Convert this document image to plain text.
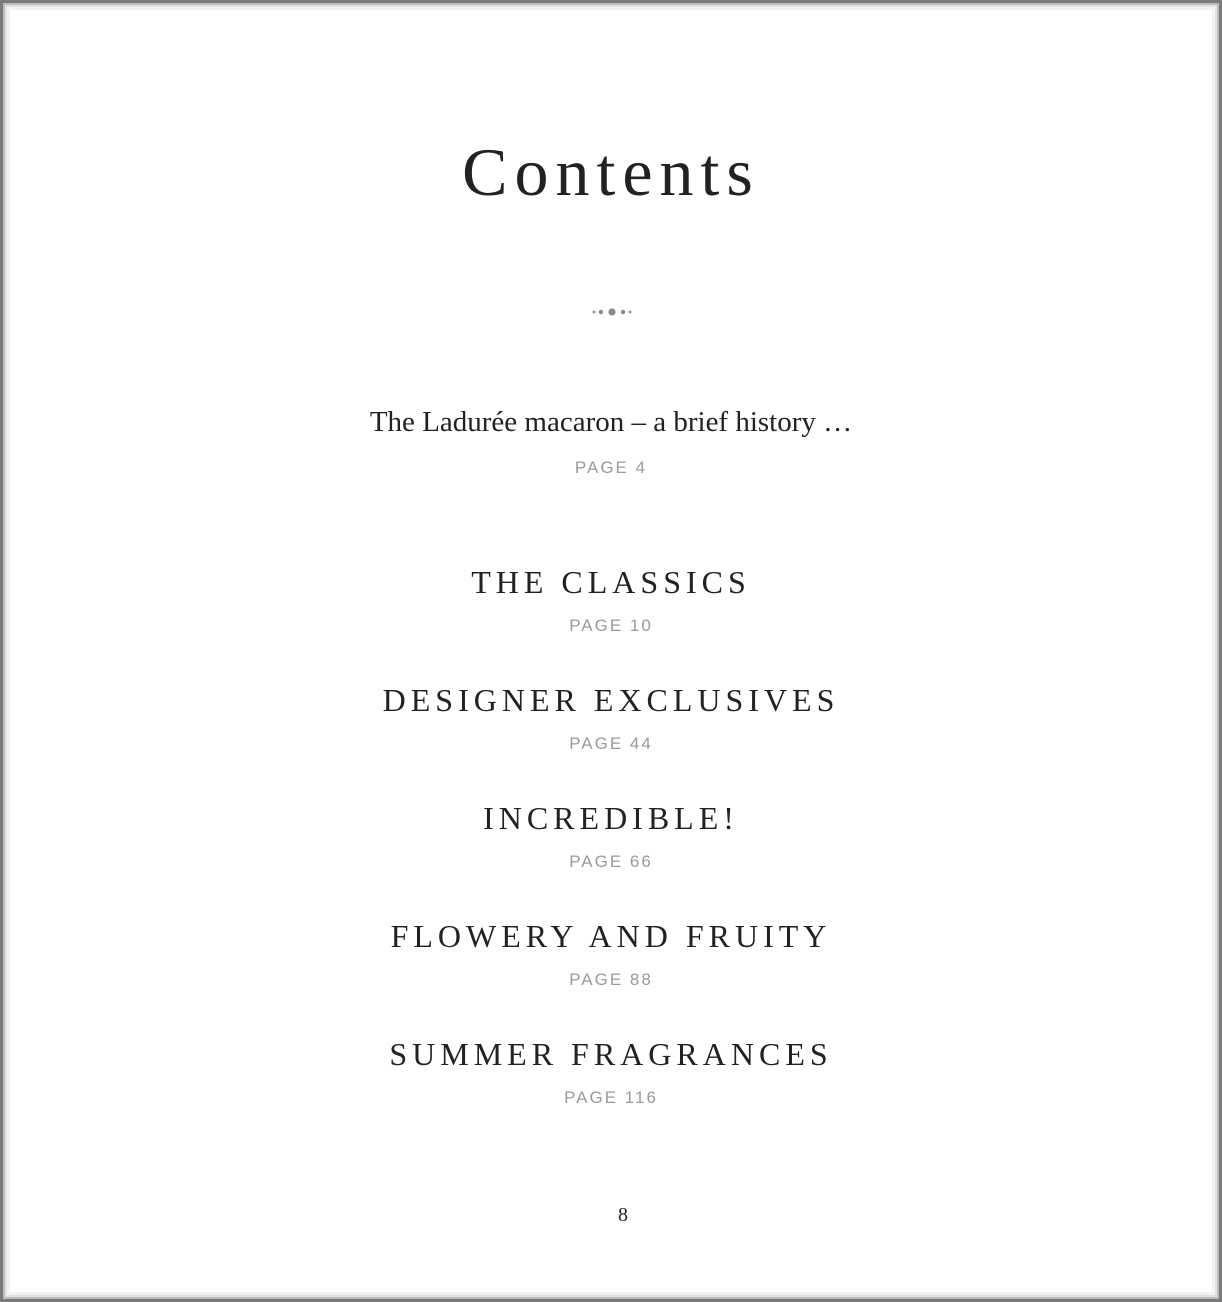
Contents
The Ladurée macaron – a brief history …
PAGE 4
THE CLASSICS
PAGE 10
DESIGNER EXCLUSIVES
PAGE 44
INCREDIBLE!
PAGE 66
FLOWERY AND FRUITY
PAGE 88
SUMMER FRAGRANCES
PAGE 116
8
